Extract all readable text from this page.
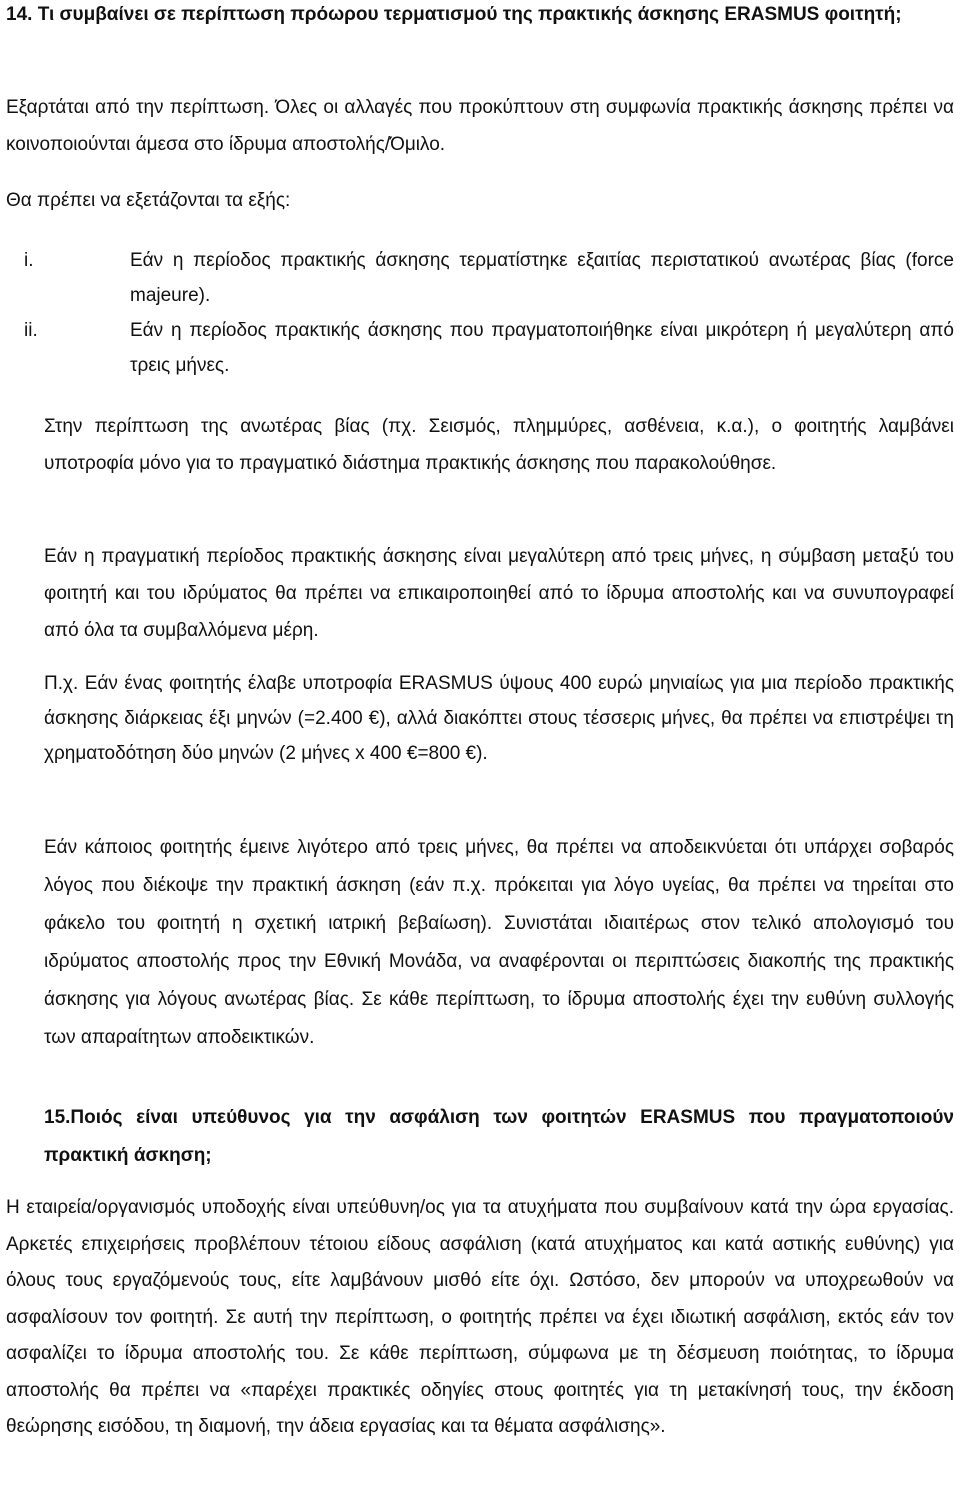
14. Τι συμβαίνει σε περίπτωση πρόωρου τερματισμού της πρακτικής άσκησης ERASMUS φοιτητή;

Εξαρτάται από την περίπτωση. Όλες οι αλλαγές που προκύπτουν στη συμφωνία πρακτικής άσκησης πρέπει να κοινοποιούνται άμεσα στο ίδρυμα αποστολής/Όμιλο.

Θα πρέπει να εξετάζονται τα εξής:

i.	Εάν η περίοδος πρακτικής άσκησης τερματίστηκε εξαιτίας περιστατικού ανωτέρας βίας (force majeure).
ii.	Εάν η περίοδος πρακτικής άσκησης που πραγματοποιήθηκε είναι μικρότερη ή μεγαλύτερη από τρεις μήνες.

Στην περίπτωση της ανωτέρας βίας (πχ. Σεισμός, πλημμύρες, ασθένεια, κ.α.), ο φοιτητής λαμβάνει υποτροφία μόνο για το πραγματικό διάστημα πρακτικής άσκησης που παρακολούθησε.

Εάν η πραγματική περίοδος πρακτικής άσκησης είναι μεγαλύτερη από τρεις μήνες, η σύμβαση μεταξύ του φοιτητή και του ιδρύματος θα πρέπει να επικαιροποιηθεί από το ίδρυμα αποστολής και να συνυπογραφεί από όλα τα συμβαλλόμενα μέρη.

Π.χ. Εάν ένας φοιτητής έλαβε υποτροφία ERASMUS ύψους 400 ευρώ μηνιαίως για μια περίοδο πρακτικής άσκησης διάρκειας έξι μηνών (=2.400 €), αλλά διακόπτει στους τέσσερις μήνες, θα πρέπει να επιστρέψει τη χρηματοδότηση δύο μηνών (2 μήνες x 400 €=800 €).

Εάν κάποιος φοιτητής έμεινε λιγότερο από τρεις μήνες, θα πρέπει να αποδεικνύεται ότι υπάρχει σοβαρός λόγος που διέκοψε την πρακτική άσκηση (εάν π.χ. πρόκειται για λόγο υγείας, θα πρέπει να τηρείται στο φάκελο του φοιτητή η σχετική ιατρική βεβαίωση). Συνιστάται ιδιαιτέρως στον τελικό απολογισμό του ιδρύματος αποστολής προς την Εθνική Μονάδα, να αναφέρονται οι περιπτώσεις διακοπής της πρακτικής άσκησης για λόγους ανωτέρας βίας. Σε κάθε περίπτωση, το ίδρυμα αποστολής έχει την ευθύνη συλλογής των απαραίτητων αποδεικτικών.

15.Ποιός είναι υπεύθυνος για την ασφάλιση των φοιτητών ERASMUS που πραγματοποιούν πρακτική άσκηση;

Η εταιρεία/οργανισμός υποδοχής είναι υπεύθυνη/ος για τα ατυχήματα που συμβαίνουν κατά την ώρα εργασίας. Αρκετές επιχειρήσεις προβλέπουν τέτοιου είδους ασφάλιση (κατά ατυχήματος και κατά αστικής ευθύνης) για όλους τους εργαζόμενούς τους, είτε λαμβάνουν μισθό είτε όχι. Ωστόσο, δεν μπορούν να υποχρεωθούν να ασφαλίσουν τον φοιτητή. Σε αυτή την περίπτωση, ο φοιτητής πρέπει να έχει ιδιωτική ασφάλιση, εκτός εάν τον ασφαλίζει το ίδρυμα αποστολής του. Σε κάθε περίπτωση, σύμφωνα με τη δέσμευση ποιότητας, το ίδρυμα αποστολής θα πρέπει να «παρέχει πρακτικές οδηγίες στους φοιτητές για τη μετακίνησή τους, την έκδοση θεώρησης εισόδου, τη διαμονή, την άδεια εργασίας και τα θέματα ασφάλισης».
